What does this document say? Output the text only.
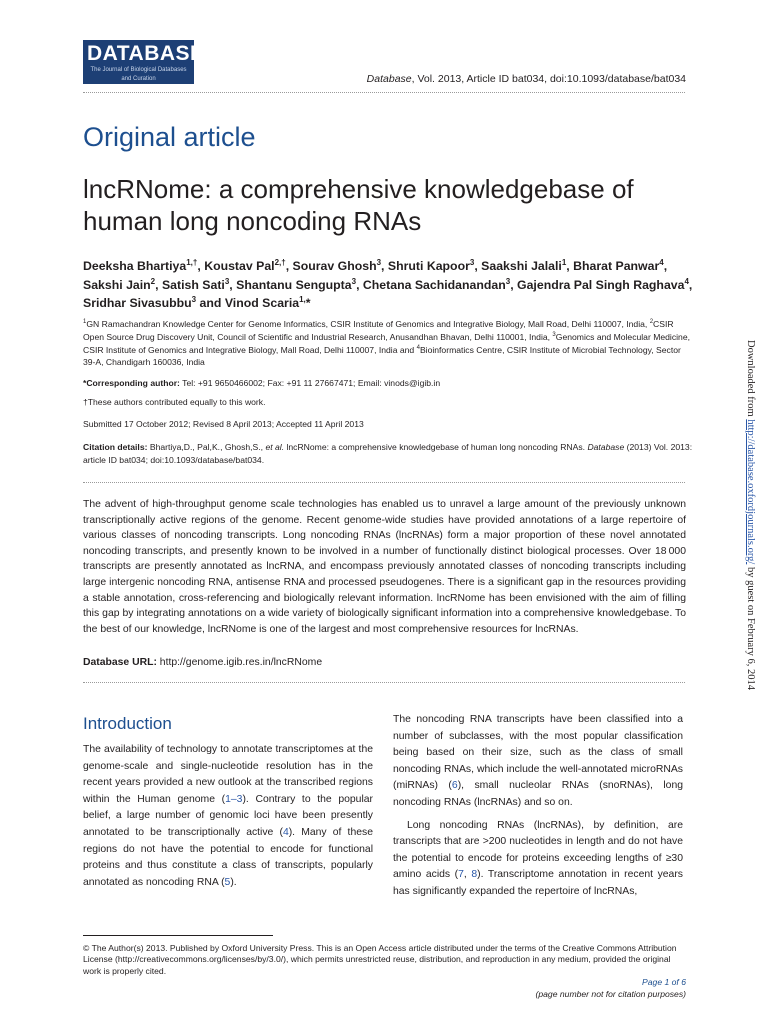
DATABASE
The Journal of Biological Databases and Curation	Database, Vol. 2013, Article ID bat034, doi:10.1093/database/bat034
Original article
lncRNome: a comprehensive knowledgebase of human long noncoding RNAs
Deeksha Bhartiya$^{1,\dagger}$, Koustav Pal$^{2,\dagger}$, Sourav Ghosh$^3$, Shruti Kapoor$^3$, Saakshi Jalali$^1$, Bharat Panwar$^4$, Sakshi Jain$^2$, Satish Sati$^3$, Shantanu Sengupta$^3$, Chetana Sachidanandan$^3$, Gajendra Pal Singh Raghava$^4$, Sridhar Sivasubbu$^3$ and Vinod Scaria$^{1,}$*
$^1$GN Ramachandran Knowledge Center for Genome Informatics, CSIR Institute of Genomics and Integrative Biology, Mall Road, Delhi 110007, India, $^2$CSIR Open Source Drug Discovery Unit, Council of Scientific and Industrial Research, Anusandhan Bhavan, Delhi 110001, India, $^3$Genomics and Molecular Medicine, CSIR Institute of Genomics and Integrative Biology, Mall Road, Delhi 110007, India and $^4$Bioinformatics Centre, CSIR Institute of Microbial Technology, Sector 39-A, Chandigarh 160036, India
*Corresponding author: Tel: +91 9650466002; Fax: +91 11 27667471; Email: vinods@igib.in
†These authors contributed equally to this work.
Submitted 17 October 2012; Revised 8 April 2013; Accepted 11 April 2013
Citation details: Bhartiya,D., Pal,K., Ghosh,S., et al. lncRNome: a comprehensive knowledgebase of human long noncoding RNAs. Database (2013) Vol. 2013: article ID bat034; doi:10.1093/database/bat034.
The advent of high-throughput genome scale technologies has enabled us to unravel a large amount of the previously unknown transcriptionally active regions of the genome. Recent genome-wide studies have provided annotations of a large repertoire of various classes of noncoding transcripts. Long noncoding RNAs (lncRNAs) form a major proportion of these novel annotated noncoding transcripts, and presently known to be involved in a number of functionally distinct biological processes. Over 18 000 transcripts are presently annotated as lncRNA, and encompass previously annotated classes of noncoding transcripts including large intergenic noncoding RNA, antisense RNA and processed pseudogenes. There is a significant gap in the resources providing a stable annotation, cross-referencing and biologically relevant information. lncRNome has been envisioned with the aim of filling this gap by integrating annotations on a wide variety of biologically significant information into a comprehensive knowledgebase. To the best of our knowledge, lncRNome is one of the largest and most comprehensive resources for lncRNAs.
Database URL: http://genome.igib.res.in/lncRNome
Introduction
The availability of technology to annotate transcriptomes at the genome-scale and single-nucleotide resolution has in the recent years provided a new outlook at the transcribed regions within the Human genome (1–3). Contrary to the popular belief, a large number of genomic loci have been presently annotated to be transcriptionally active (4). Many of these regions do not have the potential to encode for functional proteins and thus constitute a class of transcripts, popularly annotated as noncoding RNA (5).
The noncoding RNA transcripts have been classified into a number of subclasses, with the most popular classification being based on their size, such as the class of small noncoding RNAs, which include the well-annotated microRNAs (miRNAs) (6), small nucleolar RNAs (snoRNAs), long noncoding RNAs (lncRNAs) and so on.
Long noncoding RNAs (lncRNAs), by definition, are transcripts that are >200 nucleotides in length and do not have the potential to encode for proteins exceeding lengths of ≥30 amino acids (7, 8). Transcriptome annotation in recent years has significantly expanded the repertoire of lncRNAs,
© The Author(s) 2013. Published by Oxford University Press. This is an Open Access article distributed under the terms of the Creative Commons Attribution License (http://creativecommons.org/licenses/by/3.0/), which permits unrestricted reuse, distribution, and reproduction in any medium, provided the original work is properly cited.
Page 1 of 6
(page number not for citation purposes)
Downloaded from http://database.oxfordjournals.org/ by guest on February 6, 2014
